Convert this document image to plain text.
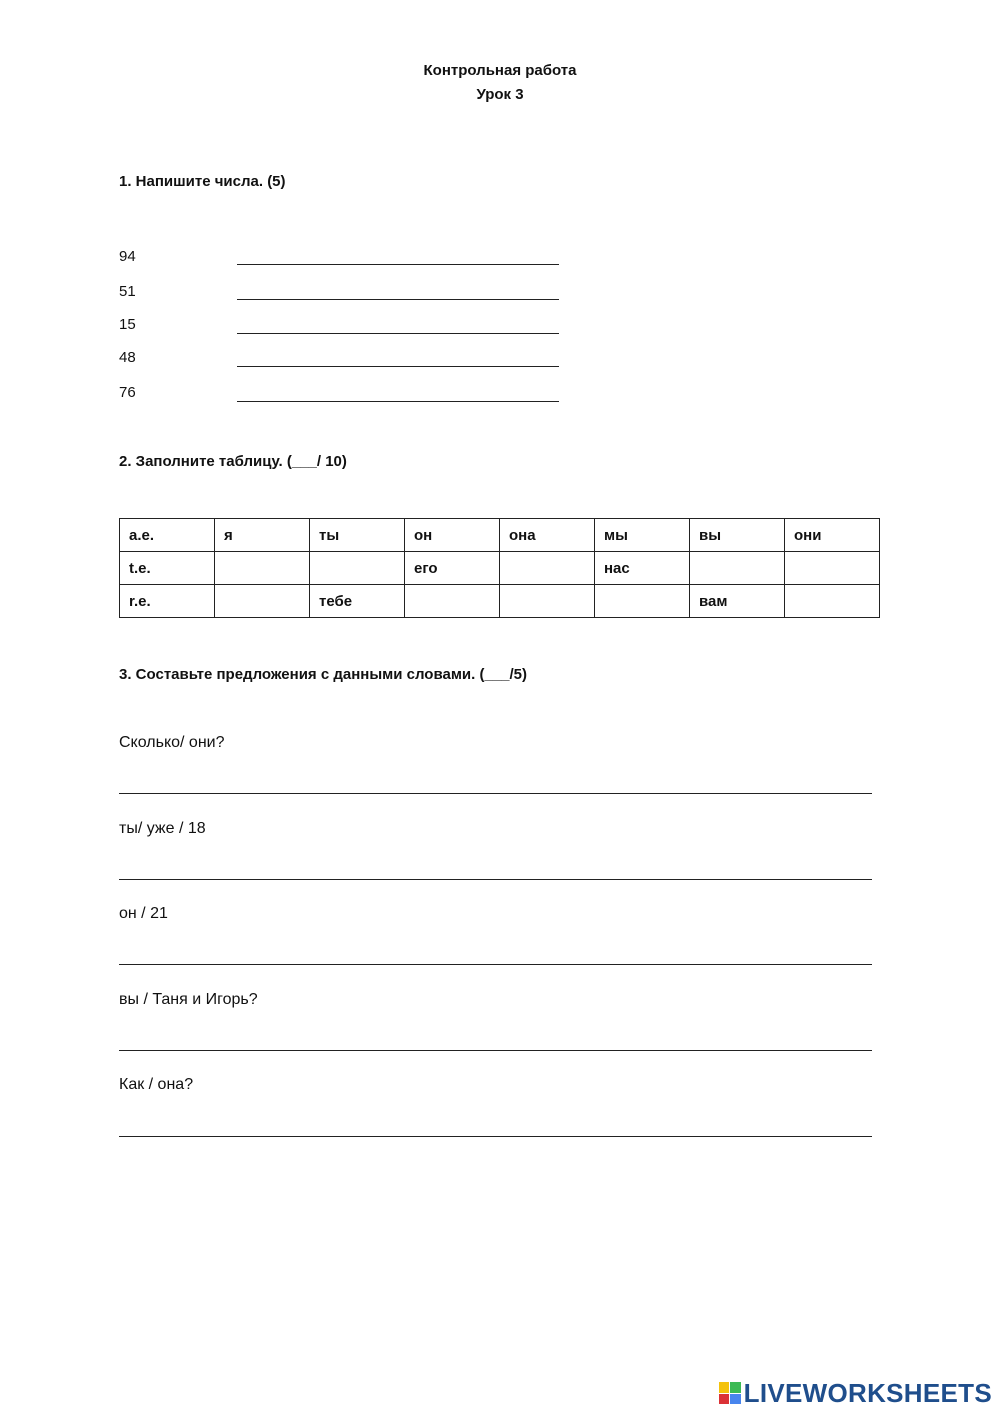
Контрольная работа
Урок 3
1. Напишите числа. (5)
94
51
15
48
76
2. Заполните таблицу. (___/ 10)
а.е.	я	ты	он	она	мы	вы	они
t.e.			его		нас		
r.e.		тебе				вам	
3. Составьте предложения с данными словами. (___/5)
Сколько/ они?
ты/ уже / 18
он / 21
вы / Таня и Игорь?
Как / она?
LIVEWORKSHEETS
